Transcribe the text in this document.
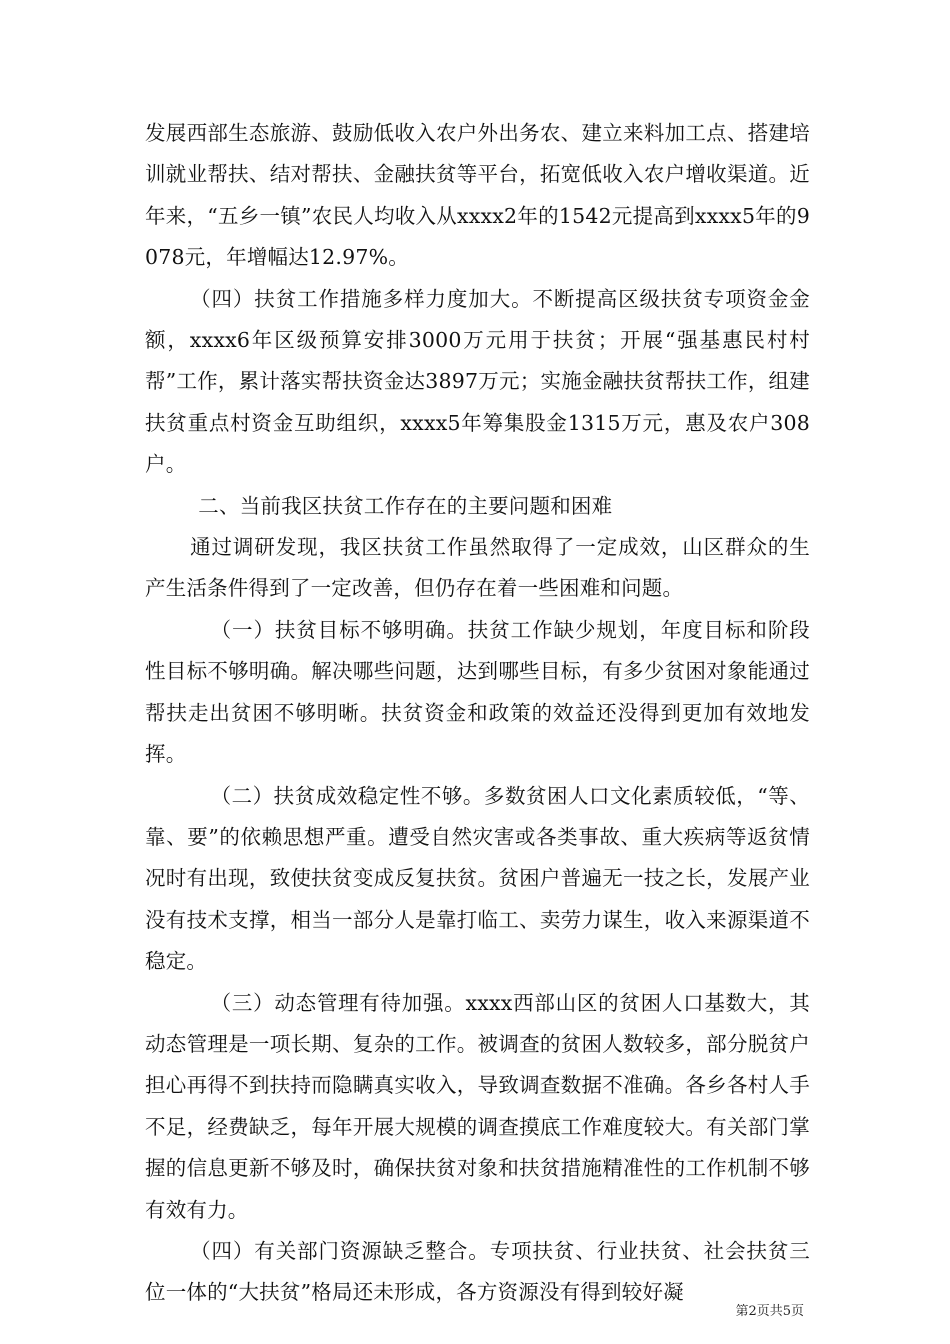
发展西部生态旅游、鼓励低收入农户外出务农、建立来料加工点、搭建培训就业帮扶、结对帮扶、金融扶贫等平台，拓宽低收入农户增收渠道。近年来，“五乡一镇”农民人均收入从xxxx2年的1542元提高到xxxx5年的9078元，年增幅达12.97%。

（四）扶贫工作措施多样力度加大。不断提高区级扶贫专项资金金额，xxxx6年区级预算安排3000万元用于扶贫；开展“强基惠民村村帮”工作，累计落实帮扶资金达3897万元；实施金融扶贫帮扶工作，组建扶贫重点村资金互助组织，xxxx5年筹集股金1315万元，惠及农户308户。

二、当前我区扶贫工作存在的主要问题和困难

通过调研发现，我区扶贫工作虽然取得了一定成效，山区群众的生产生活条件得到了一定改善，但仍存在着一些困难和问题。

（一）扶贫目标不够明确。扶贫工作缺少规划，年度目标和阶段性目标不够明确。解决哪些问题，达到哪些目标，有多少贫困对象能通过帮扶走出贫困不够明晰。扶贫资金和政策的效益还没得到更加有效地发挥。

（二）扶贫成效稳定性不够。多数贫困人口文化素质较低，“等、靠、要”的依赖思想严重。遭受自然灾害或各类事故、重大疾病等返贫情况时有出现，致使扶贫变成反复扶贫。贫困户普遍无一技之长，发展产业没有技术支撑，相当一部分人是靠打临工、卖劳力谋生，收入来源渠道不稳定。

（三）动态管理有待加强。xxxx西部山区的贫困人口基数大，其动态管理是一项长期、复杂的工作。被调查的贫困人数较多，部分脱贫户担心再得不到扶持而隐瞒真实收入，导致调查数据不准确。各乡各村人手不足，经费缺乏，每年开展大规模的调查摸底工作难度较大。有关部门掌握的信息更新不够及时，确保扶贫对象和扶贫措施精准性的工作机制不够有效有力。

（四）有关部门资源缺乏整合。专项扶贫、行业扶贫、社会扶贫三位一体的“大扶贫”格局还未形成，各方资源没有得到较好凝

第2页共5页
